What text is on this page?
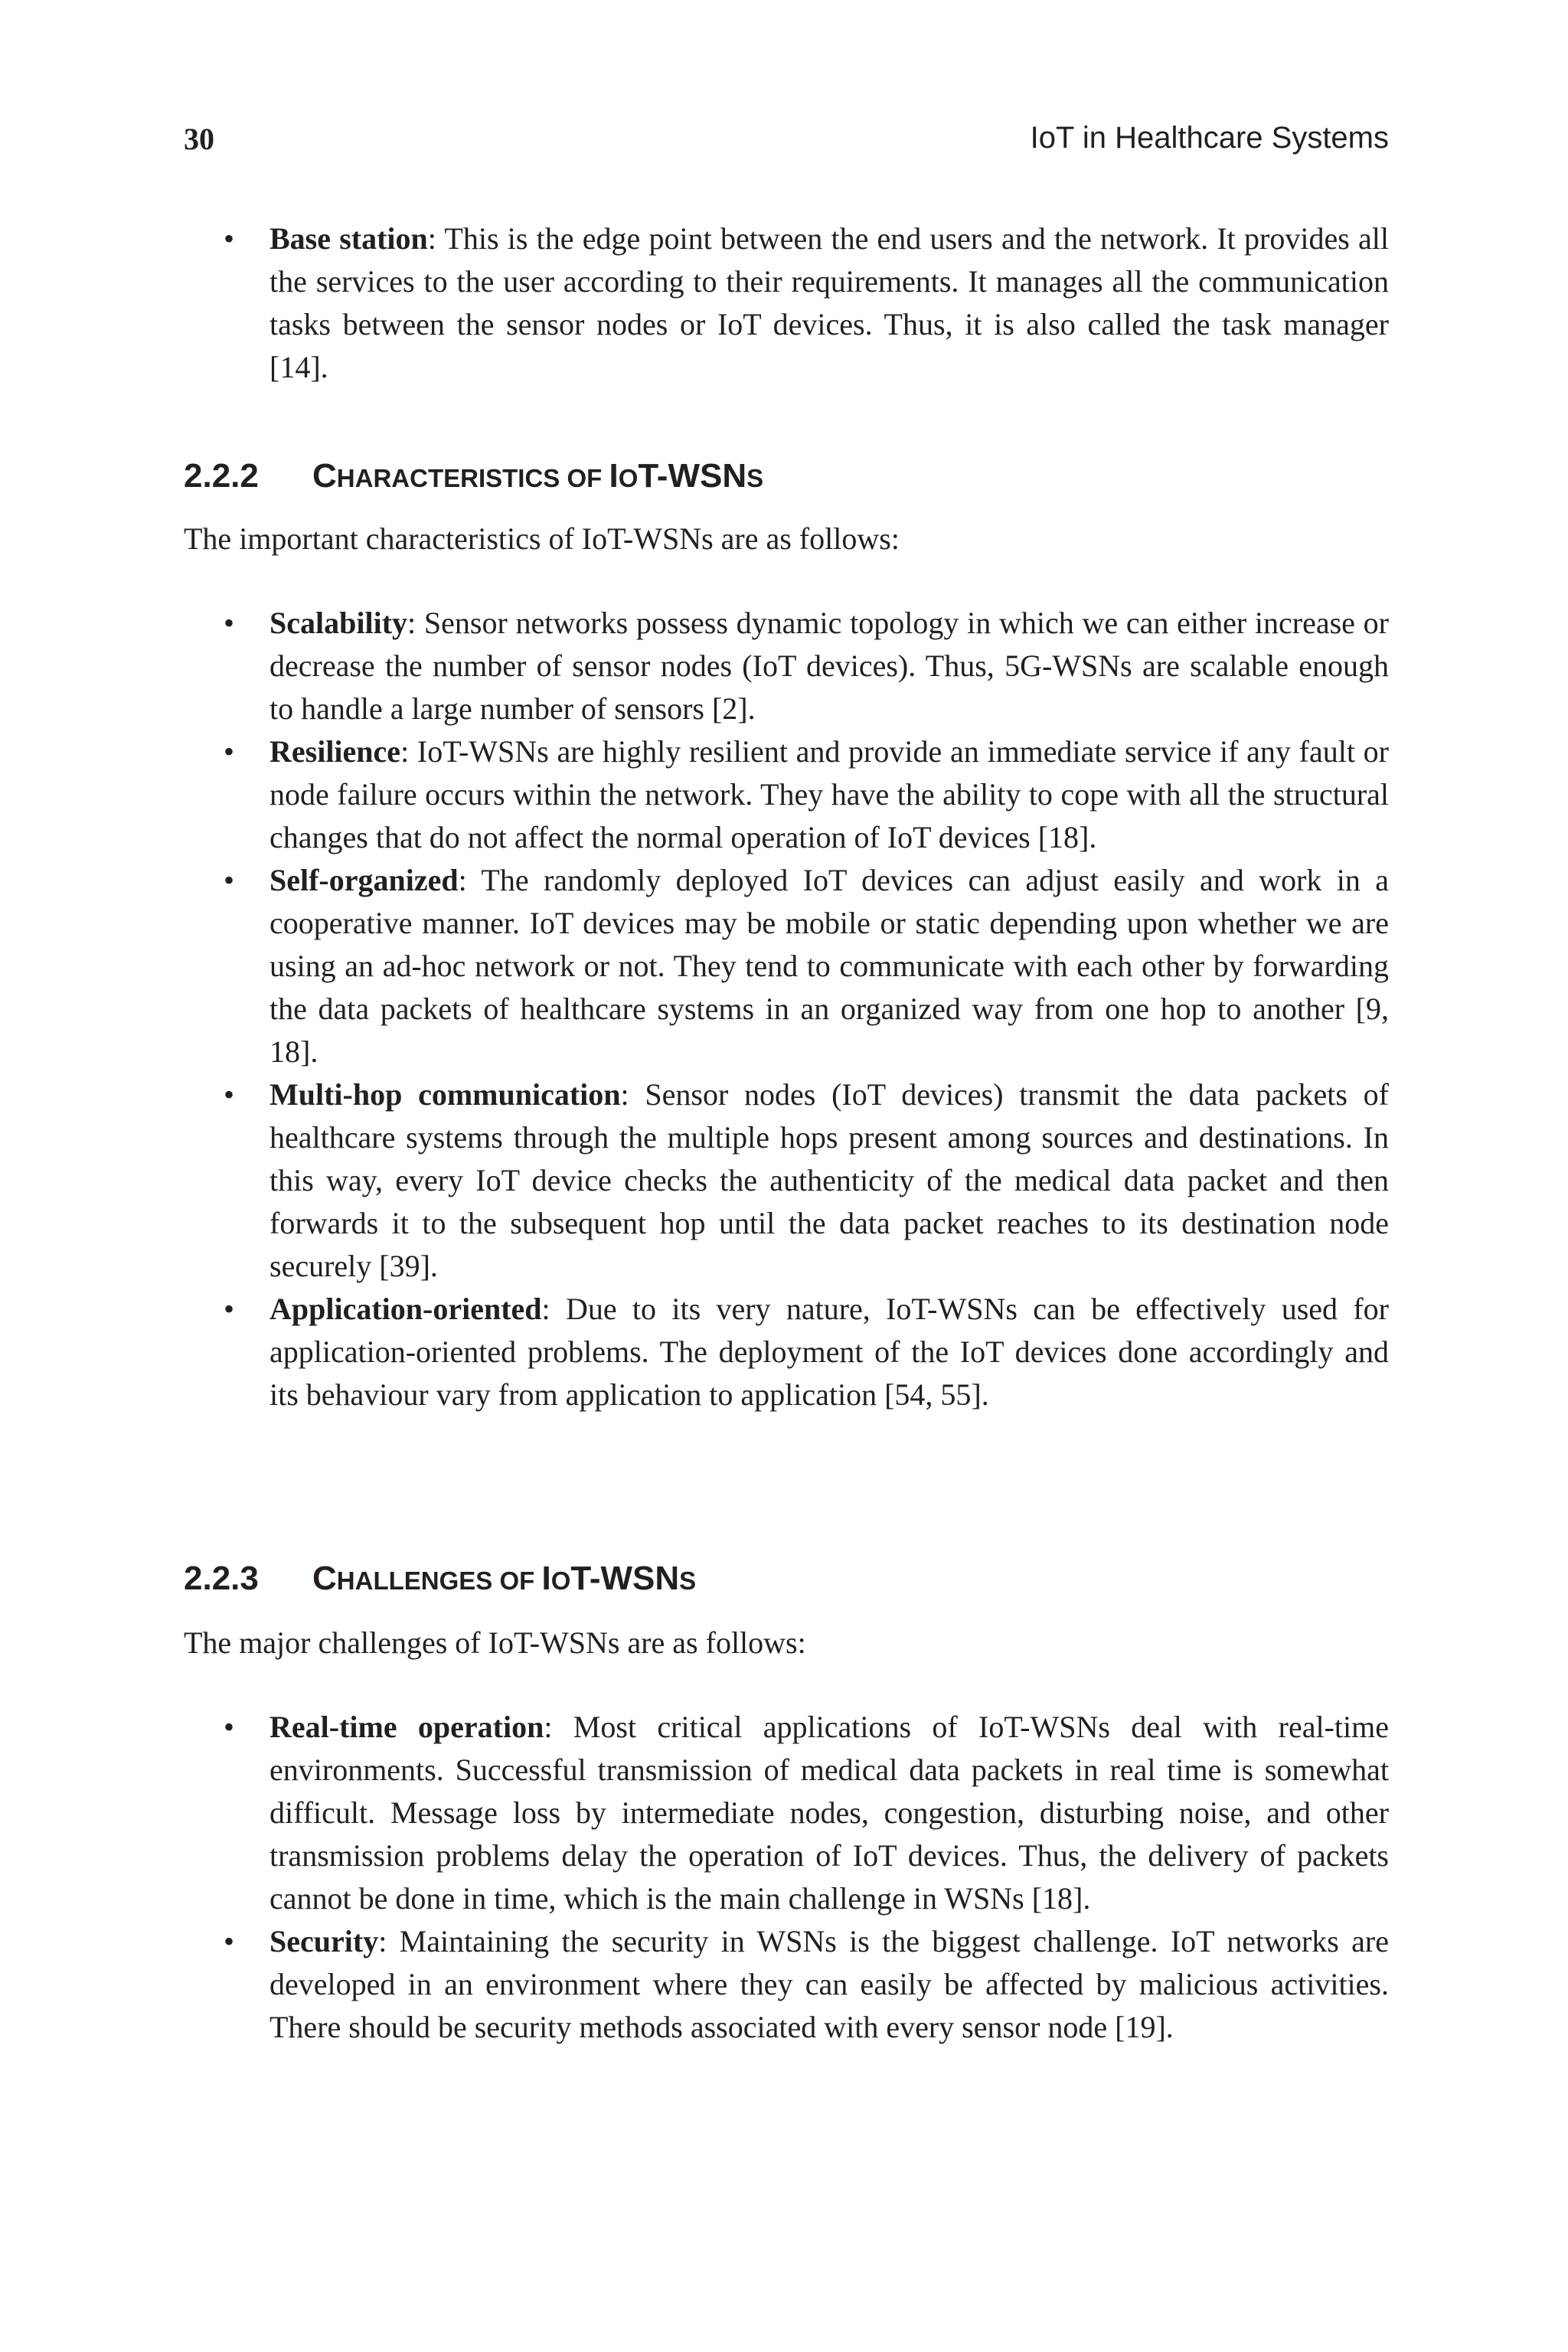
30	IoT in Healthcare Systems
• Base station: This is the edge point between the end users and the network. It provides all the services to the user according to their requirements. It manages all the communication tasks between the sensor nodes or IoT devices. Thus, it is also called the task manager [14].
2.2.2 CHARACTERISTICS OF IOT-WSNS

The important characteristics of IoT-WSNs are as follows:

• Scalability: Sensor networks possess dynamic topology in which we can either increase or decrease the number of sensor nodes (IoT devices). Thus, 5G-WSNs are scalable enough to handle a large number of sensors [2].
• Resilience: IoT-WSNs are highly resilient and provide an immediate service if any fault or node failure occurs within the network. They have the ability to cope with all the structural changes that do not affect the normal operation of IoT devices [18].
• Self-organized: The randomly deployed IoT devices can adjust easily and work in a cooperative manner. IoT devices may be mobile or static depending upon whether we are using an ad-hoc network or not. They tend to communicate with each other by forwarding the data packets of healthcare systems in an organized way from one hop to another [9, 18].
• Multi-hop communication: Sensor nodes (IoT devices) transmit the data packets of healthcare systems through the multiple hops present among sources and destinations. In this way, every IoT device checks the authenticity of the medical data packet and then forwards it to the subsequent hop until the data packet reaches to its destination node securely [39].
• Application-oriented: Due to its very nature, IoT-WSNs can be effectively used for application-oriented problems. The deployment of the IoT devices done accordingly and its behaviour vary from application to application [54, 55].
2.2.3 CHALLENGES OF IOT-WSNS

The major challenges of IoT-WSNs are as follows:

• Real-time operation: Most critical applications of IoT-WSNs deal with real-time environments. Successful transmission of medical data packets in real time is somewhat difficult. Message loss by intermediate nodes, congestion, disturbing noise, and other transmission problems delay the operation of IoT devices. Thus, the delivery of packets cannot be done in time, which is the main challenge in WSNs [18].
• Security: Maintaining the security in WSNs is the biggest challenge. IoT networks are developed in an environment where they can easily be affected by malicious activities. There should be security methods associated with every sensor node [19].
